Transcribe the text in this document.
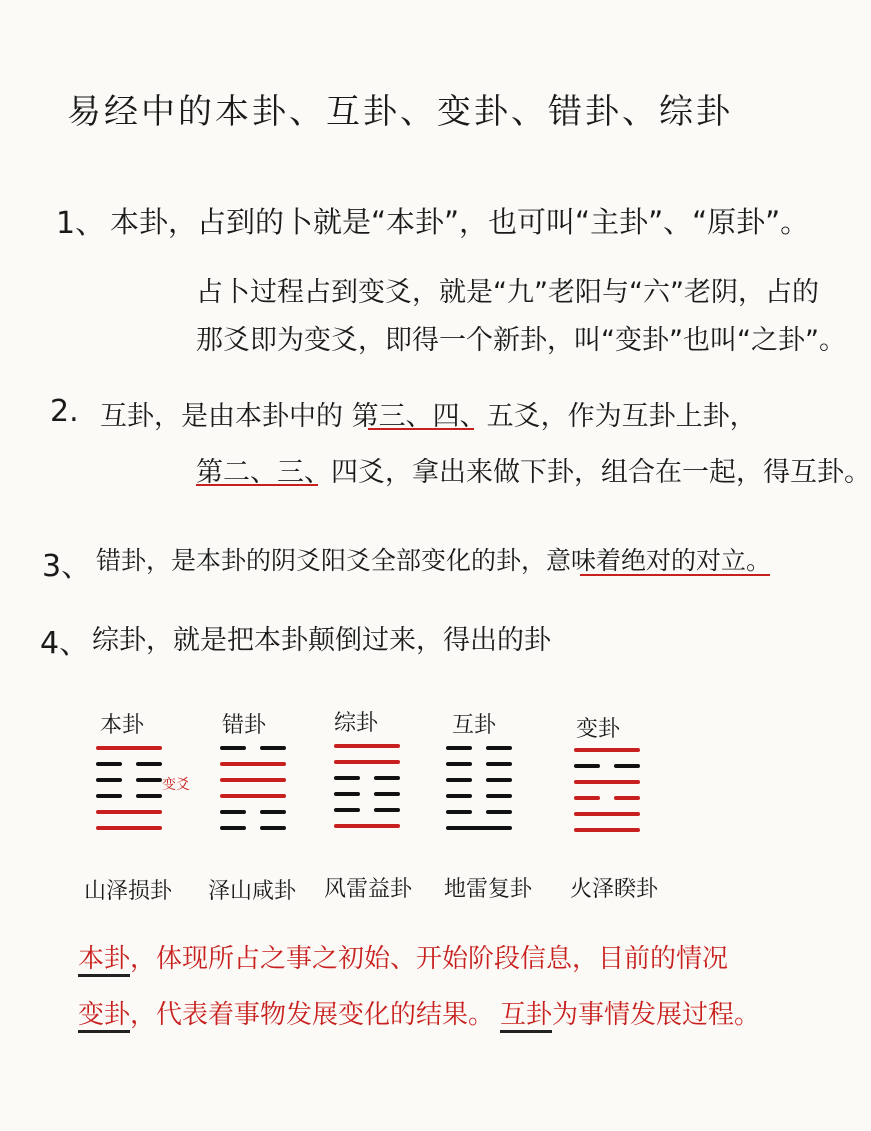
易经中的本卦、互卦、变卦、错卦、综卦
1、 本卦，占到的卜就是“本卦”，也可叫“主卦”、“原卦”。
占卜过程占到变爻，就是“九”老阳与“六”老阴，占的
那爻即为变爻，即得一个新卦，叫“变卦”也叫“之卦”。
2. 互卦，是由本卦中的 第三、四、五爻，作为互卦上卦，
第二、三、四爻，拿出来做下卦，组合在一起，得互卦。
3、 错卦，是本卦的阴爻阳爻全部变化的卦，意味着绝对的对立。
4、 综卦，就是把本卦颠倒过来，得出的卦
本卦	错卦	综卦	互卦	变卦
变爻
山泽损卦 泽山咸卦 风雷益卦 地雷复卦 火泽睽卦
本卦，体现所占之事之初始、开始阶段信息，目前的情况
变卦，代表着事物发展变化的结果。 互卦为事情发展过程。
